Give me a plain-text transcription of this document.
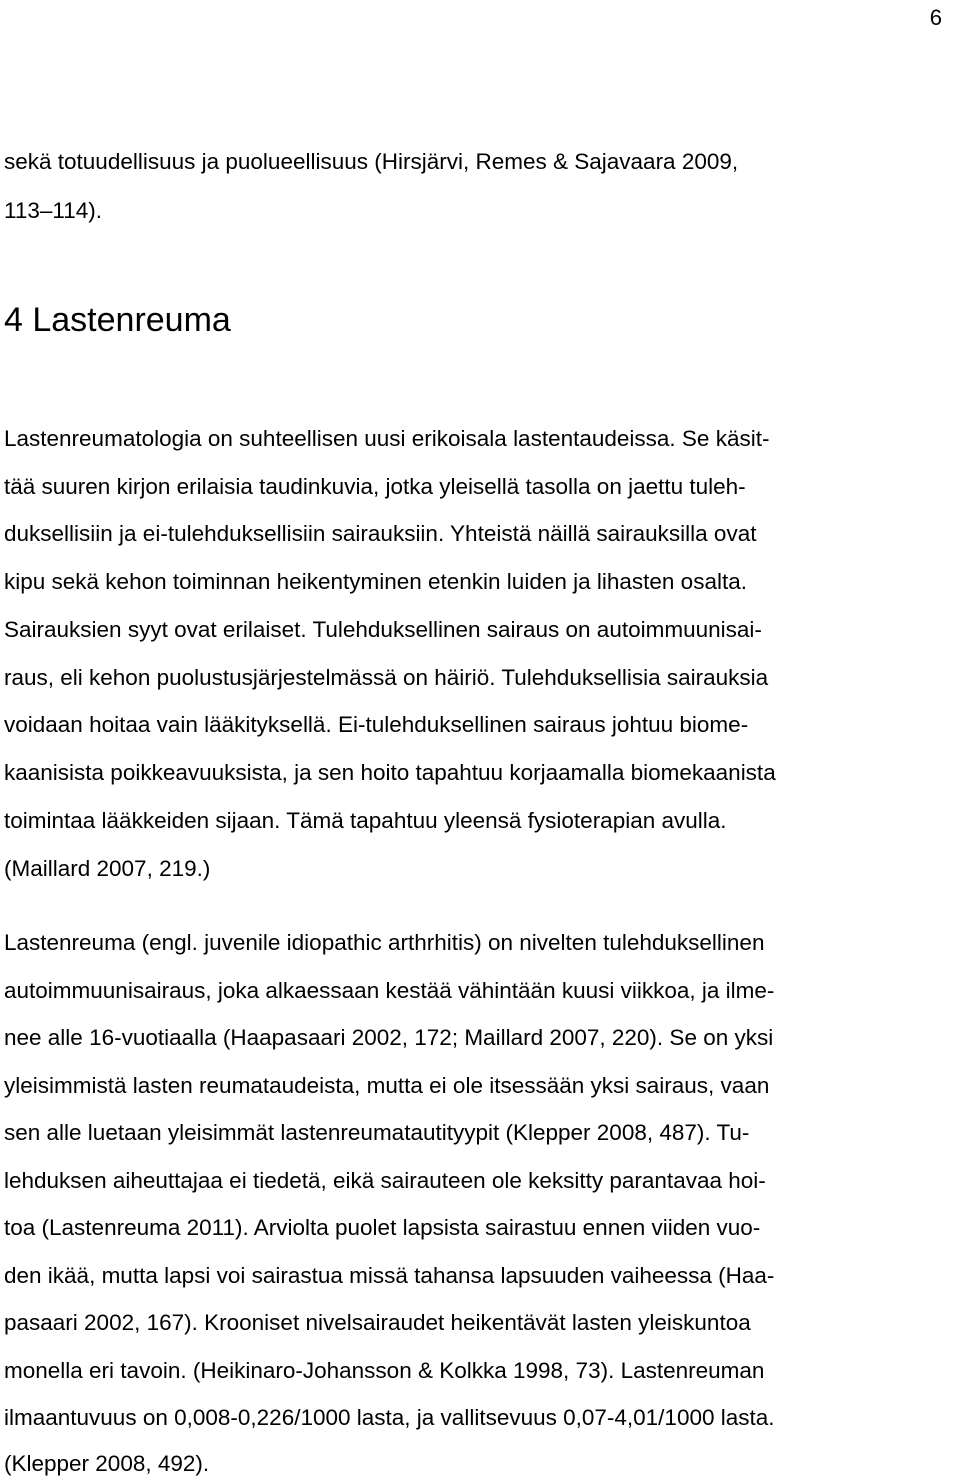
6
sekä totuudellisuus ja puolueellisuus (Hirsjärvi, Remes & Sajavaara 2009,
113–114).
4 Lastenreuma
Lastenreumatologia on suhteellisen uusi erikoisala lastentaudeissa. Se käsit-
tää suuren kirjon erilaisia taudinkuvia, jotka yleisellä tasolla on jaettu tuleh-
duksellisiin ja ei-tulehduksellisiin sairauksiin. Yhteistä näillä sairauksilla ovat
kipu sekä kehon toiminnan heikentyminen etenkin luiden ja lihasten osalta.
Sairauksien syyt ovat erilaiset. Tulehduksellinen sairaus on autoimmuunisai-
raus, eli kehon puolustusjärjestelmässä on häiriö. Tulehduksellisia sairauksia
voidaan hoitaa vain lääkityksellä. Ei-tulehduksellinen sairaus johtuu biome-
kaanisista poikkeavuuksista, ja sen hoito tapahtuu korjaamalla biomekaanista
toimintaa lääkkeiden sijaan. Tämä tapahtuu yleensä fysioterapian avulla.
(Maillard 2007, 219.)
Lastenreuma (engl. juvenile idiopathic arthrhitis) on nivelten tulehduksellinen
autoimmuunisairaus, joka alkaessaan kestää vähintään kuusi viikkoa, ja ilme-
nee alle 16-vuotiaalla (Haapasaari 2002, 172; Maillard 2007, 220). Se on yksi
yleisimmistä lasten reumataudeista, mutta ei ole itsessään yksi sairaus, vaan
sen alle luetaan yleisimmät lastenreumatautityypit (Klepper 2008, 487). Tu-
lehduksen aiheuttajaa ei tiedetä, eikä sairauteen ole keksitty parantavaa hoi-
toa (Lastenreuma 2011). Arviolta puolet lapsista sairastuu ennen viiden vuo-
den ikää, mutta lapsi voi sairastua missä tahansa lapsuuden vaiheessa (Haa-
pasaari 2002, 167). Krooniset nivelsairaudet heikentävät lasten yleiskuntoa
monella eri tavoin. (Heikinaro-Johansson & Kolkka 1998, 73). Lastenreuman
ilmaantuvuus on 0,008-0,226/1000 lasta, ja vallitsevuus 0,07-4,01/1000 lasta.
(Klepper 2008, 492).
